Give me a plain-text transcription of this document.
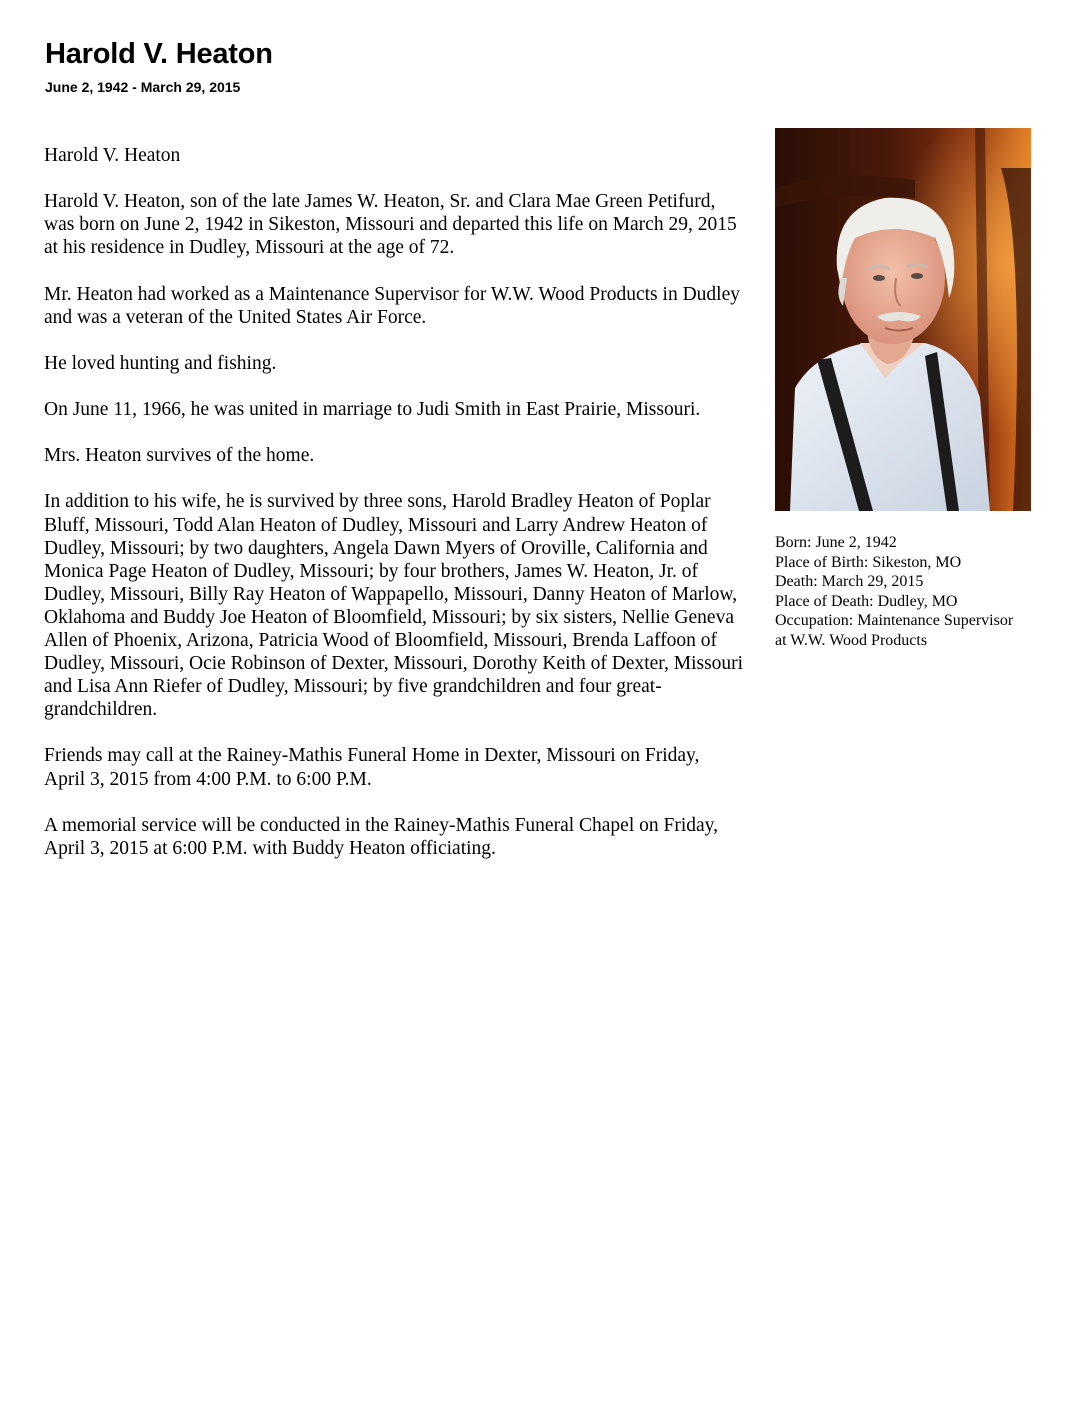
Harold V. Heaton
June 2, 1942 - March 29, 2015

Harold V. Heaton

Harold V. Heaton, son of the late James W. Heaton, Sr. and Clara Mae Green Petifurd, was born on June 2, 1942 in Sikeston, Missouri and departed this life on March 29, 2015 at his residence in Dudley, Missouri at the age of 72.

Mr. Heaton had worked as a Maintenance Supervisor for W.W. Wood Products in Dudley and was a veteran of the United States Air Force.

He loved hunting and fishing.

On June 11, 1966, he was united in marriage to Judi Smith in East Prairie, Missouri.

Mrs. Heaton survives of the home.

In addition to his wife, he is survived by three sons, Harold Bradley Heaton of Poplar Bluff, Missouri, Todd Alan Heaton of Dudley, Missouri and Larry Andrew Heaton of Dudley, Missouri; by two daughters, Angela Dawn Myers of Oroville, California and Monica Page Heaton of Dudley, Missouri; by four brothers, James W. Heaton, Jr. of Dudley, Missouri, Billy Ray Heaton of Wappapello, Missouri, Danny Heaton of Marlow, Oklahoma and Buddy Joe Heaton of Bloomfield, Missouri; by six sisters, Nellie Geneva Allen of Phoenix, Arizona, Patricia Wood of Bloomfield, Missouri, Brenda Laffoon of Dudley, Missouri, Ocie Robinson of Dexter, Missouri, Dorothy Keith of Dexter, Missouri and Lisa Ann Riefer of Dudley, Missouri; by five grandchildren and four great-grandchildren.

Friends may call at the Rainey-Mathis Funeral Home in Dexter, Missouri on Friday, April 3, 2015 from 4:00 P.M. to 6:00 P.M.

A memorial service will be conducted in the Rainey-Mathis Funeral Chapel on Friday, April 3, 2015 at 6:00 P.M. with Buddy Heaton officiating.

Born: June 2, 1942
Place of Birth: Sikeston, MO
Death: March 29, 2015
Place of Death: Dudley, MO
Occupation: Maintenance Supervisor
at W.W. Wood Products
